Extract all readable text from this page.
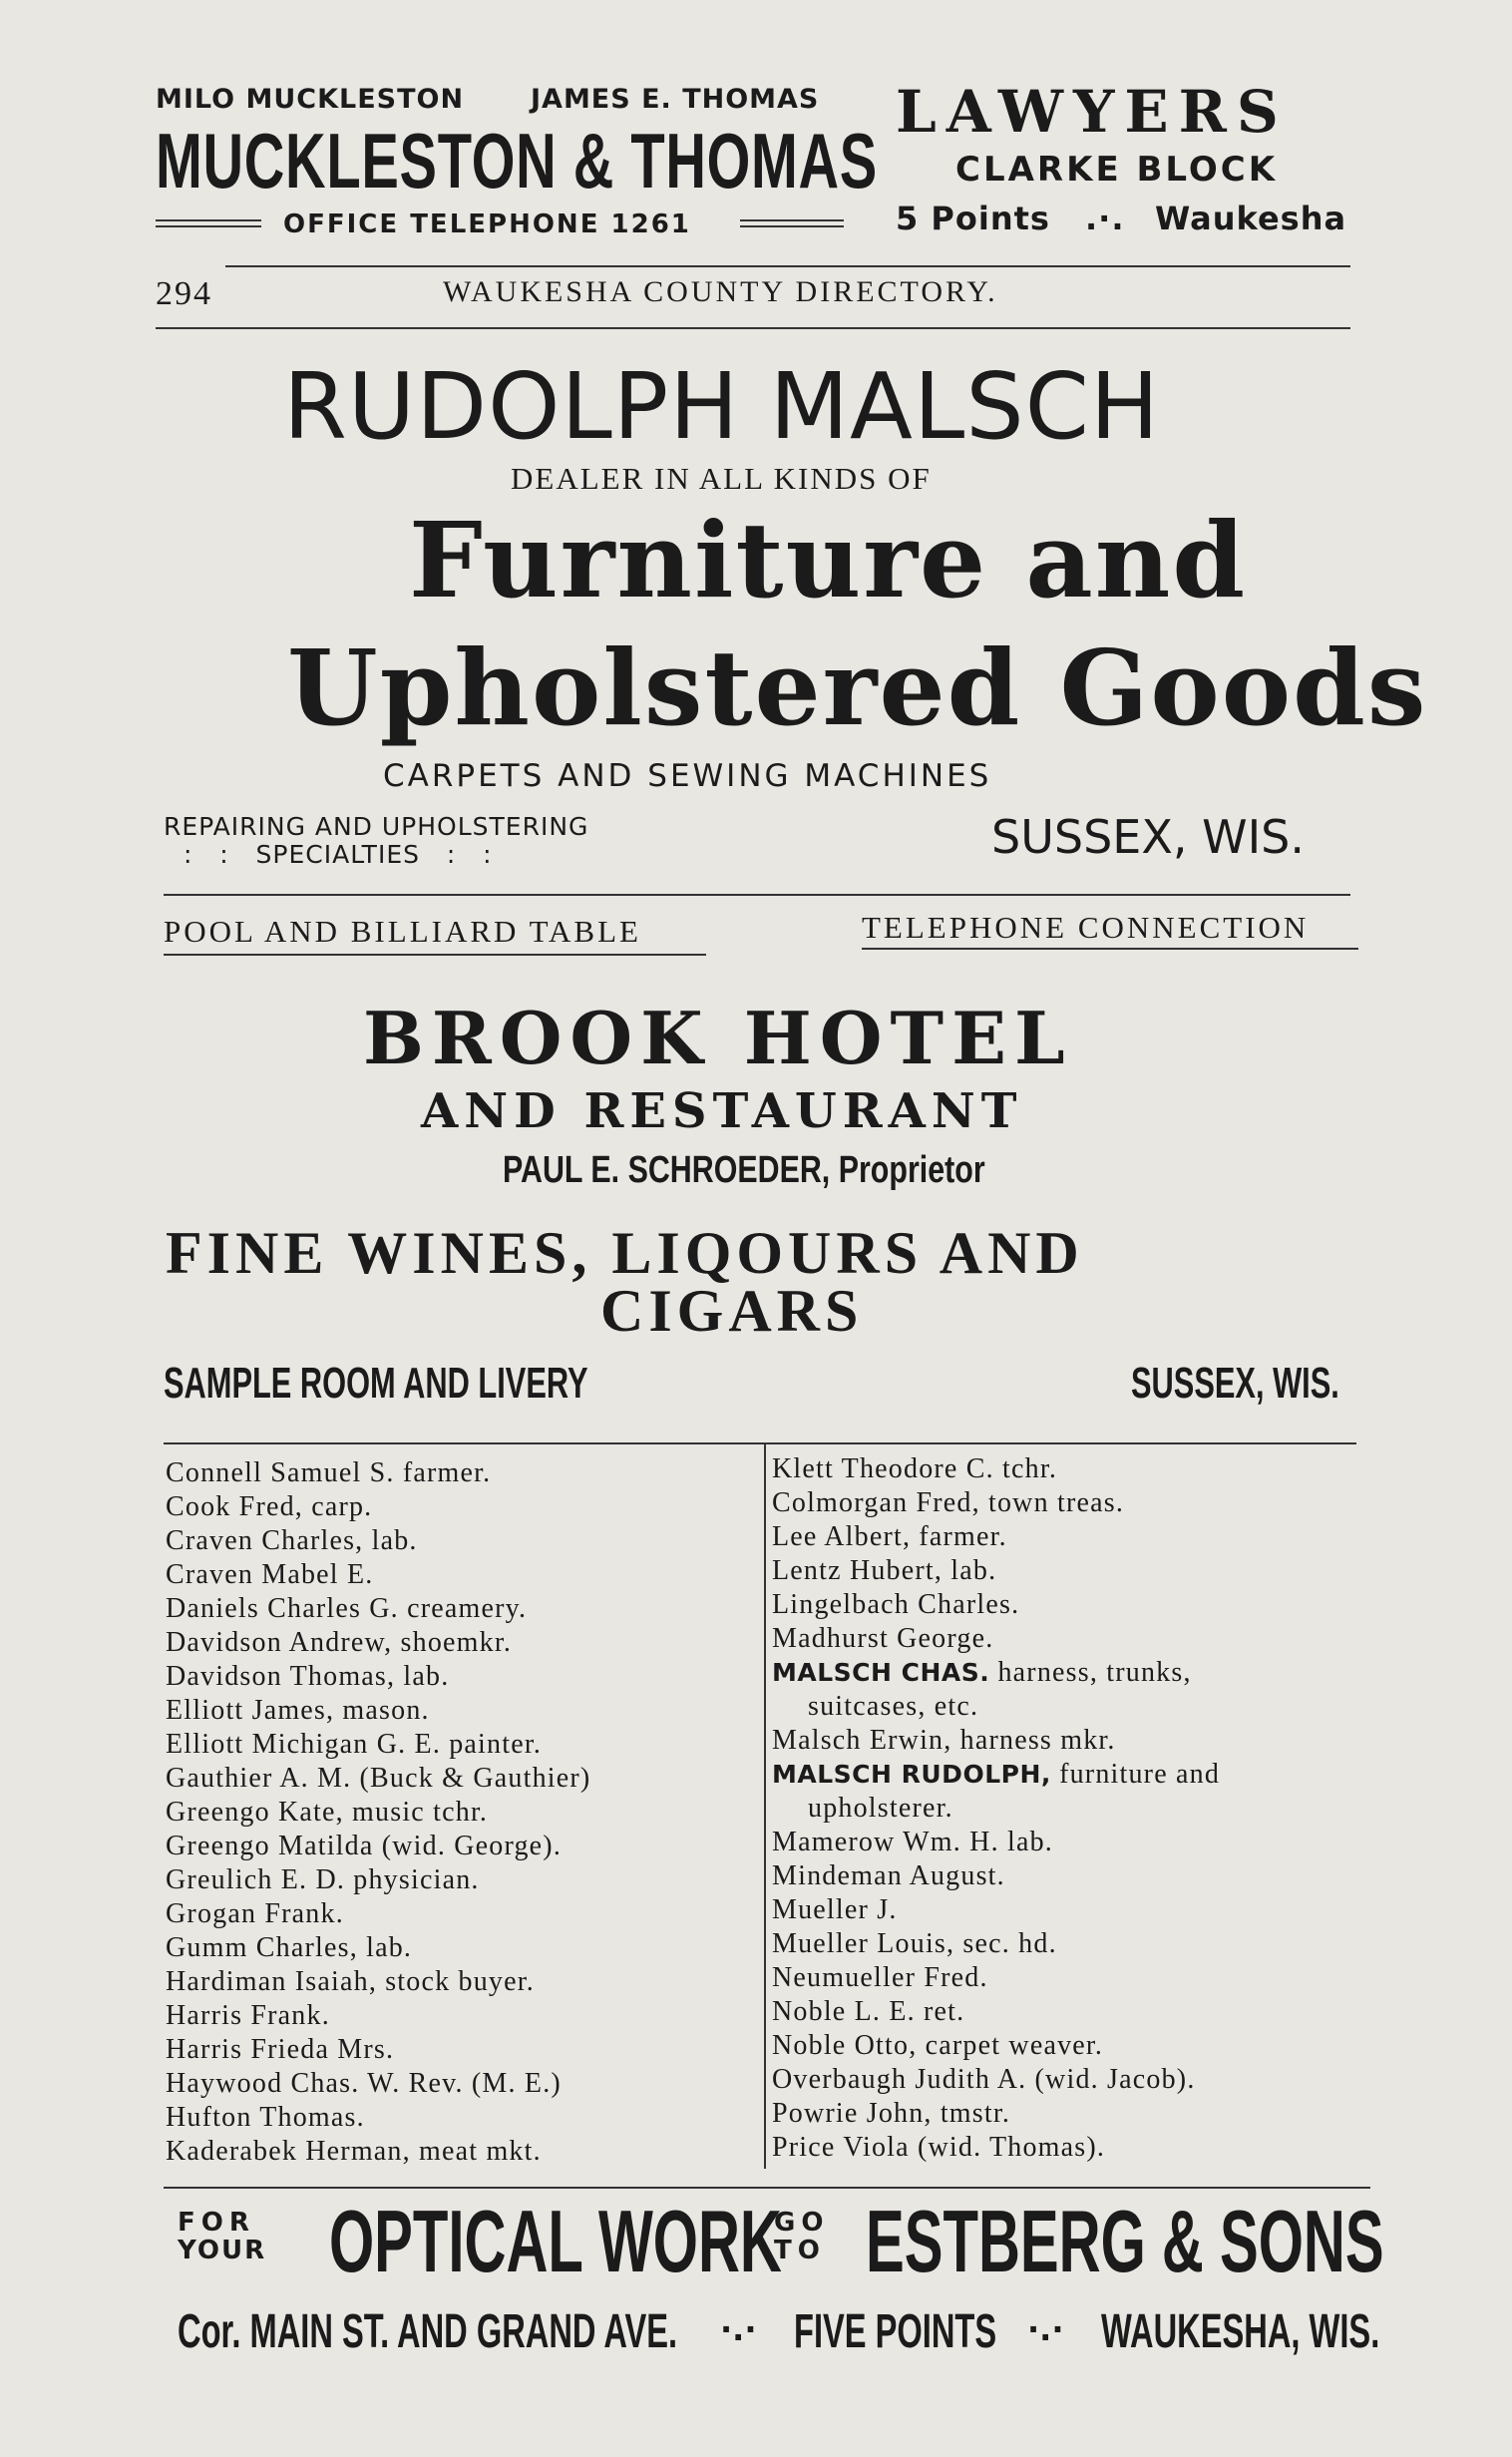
MILO MUCKLESTON JAMES E. THOMAS
MUCKLESTON & THOMAS
OFFICE TELEPHONE 1261
LAWYERS
CLARKE BLOCK
5 Points .·. Waukesha
294	WAUKESHA COUNTY DIRECTORY.
RUDOLPH MALSCH
DEALER IN ALL KINDS OF
Furniture and
Upholstered Goods
CARPETS AND SEWING MACHINES
REPAIRING AND UPHOLSTERING
:   :   SPECIALTIES   :   :	SUSSEX, WIS.
POOL AND BILLIARD TABLE	TELEPHONE CONNECTION
BROOK HOTEL
AND RESTAURANT
PAUL E. SCHROEDER, Proprietor
FINE WINES, LIQOURS AND
CIGARS
SAMPLE ROOM AND LIVERY	SUSSEX, WIS.
Connell Samuel S. farmer.
Cook Fred, carp.
Craven Charles, lab.
Craven Mabel E.
Daniels Charles G. creamery.
Davidson Andrew, shoemkr.
Davidson Thomas, lab.
Elliott James, mason.
Elliott Michigan G. E. painter.
Gauthier A. M. (Buck & Gauthier)
Greengo Kate, music tchr.
Greengo Matilda (wid. George).
Greulich E. D. physician.
Grogan Frank.
Gumm Charles, lab.
Hardiman Isaiah, stock buyer.
Harris Frank.
Harris Frieda Mrs.
Haywood Chas. W. Rev. (M. E.)
Hufton Thomas.
Kaderabek Herman, meat mkt.
Klett Theodore C. tchr.
Colmorgan Fred, town treas.
Lee Albert, farmer.
Lentz Hubert, lab.
Lingelbach Charles.
Madhurst George.
MALSCH CHAS. harness, trunks,
suitcases, etc.
Malsch Erwin, harness mkr.
MALSCH RUDOLPH, furniture and
upholsterer.
Mamerow Wm. H. lab.
Mindeman August.
Mueller J.
Mueller Louis, sec. hd.
Neumueller Fred.
Noble L. E. ret.
Noble Otto, carpet weaver.
Overbaugh Judith A. (wid. Jacob).
Powrie John, tmstr.
Price Viola (wid. Thomas).
FOR
YOUR OPTICAL WORK
GO
TO ESTBERG & SONS
Cor. MAIN ST. AND GRAND AVE. ·.· FIVE POINTS ·.· WAUKESHA, WIS.
